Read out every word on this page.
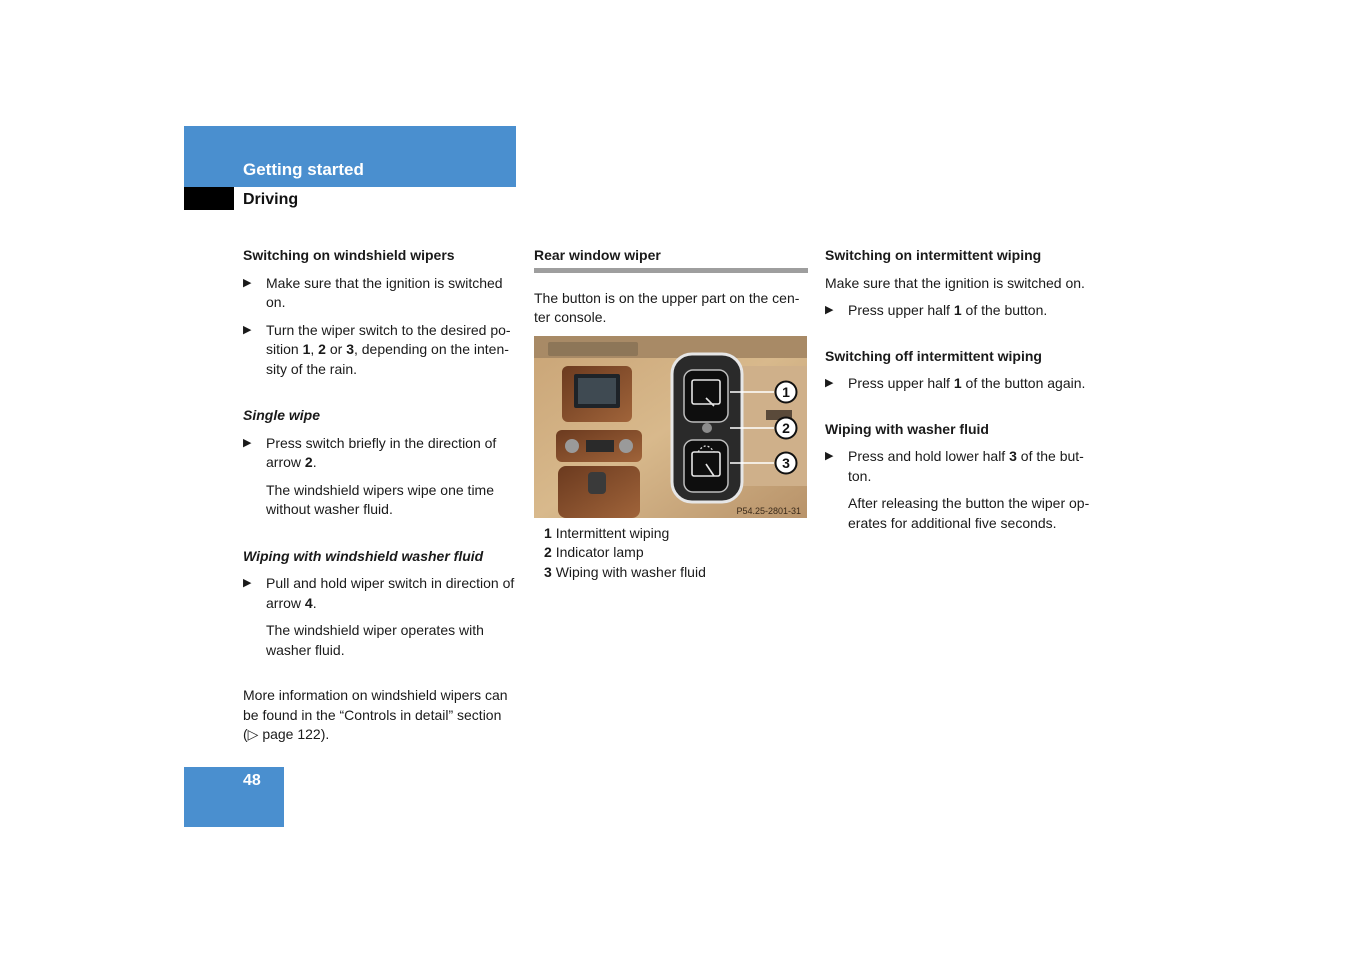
Getting started
Driving
Switching on windshield wipers
▶ Make sure that the ignition is switched on.
▶ Turn the wiper switch to the desired po-sition 1, 2 or 3, depending on the inten-sity of the rain.
Single wipe
▶ Press switch briefly in the direction of arrow 2.
The windshield wipers wipe one time without washer fluid.
Wiping with windshield washer fluid
▶ Pull and hold wiper switch in direction of arrow 4.
The windshield wiper operates with washer fluid.

More information on windshield wipers can be found in the “Controls in detail” section (▷ page 122).

Rear window wiper

The button is on the upper part on the cen-ter console.

1
2
3
P54.25-2801-31
1 Intermittent wiping
2 Indicator lamp
3 Wiping with washer fluid
Switching on intermittent wiping

Make sure that the ignition is switched on.

▶ Press upper half 1 of the button.
Switching off intermittent wiping
▶ Press upper half 1 of the button again.
Wiping with washer fluid
▶ Press and hold lower half 3 of the but-ton.
After releasing the button the wiper op-erates for additional five seconds.
48
